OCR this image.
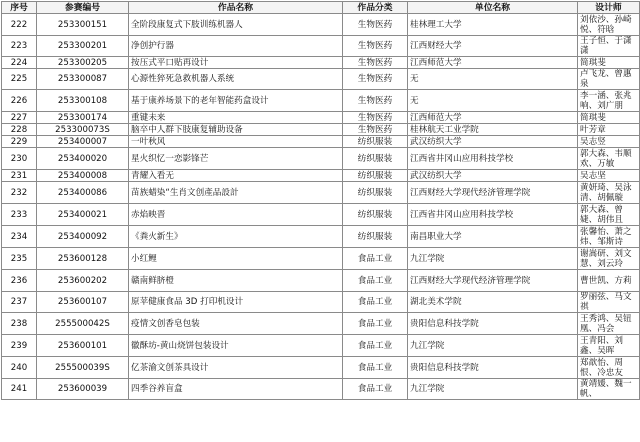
序号	参赛编号	作品名称	作品分类	单位名称	设计师
222	253300151	全阶段康复式下肢训练机器人	生物医药	桂林理工大学	刘依沙、孙崎悦、符晗
223	253300201	净创护行器	生物医药	江西财经大学	王子恒、于潇潇
224	253300205	按压式平口贴再设计	生物医药	江西师范大学	简琪斐
225	253300087	心源性猝死急救机器人系统	生物医药	无	卢飞龙、曾惠泉
226	253300108	基于康养场景下的老年智能药盒设计	生物医药	无	李一涵、张兆响、刘广朋
227	253300174	重键未来	生物医药	江西师范大学	简琪斐
228	253300073S	脑卒中人群下肢康复辅助设备	生物医药	桂林航天工业学院	叶芳章
229	253400007	一叶秋风	纺织服装	武汉纺织大学	吴志竖
230	253400020	星火织忆一恋影锋芒	纺织服装	江西省井冈山应用科技学校	郭大森、韦顺欢、万敏
231	253400008	青耀入看无	纺织服装	武汉纺织大学	吴志坚
232	253400086	苗族蜡染“生肖文创產品設計	纺织服装	江西财经大学现代经济管理学院	黄妍琦、吴泳清、胡佩璇
233	253400021	赤焰映晋	纺织服装	江西省井冈山应用科技学校	郭大森、曾婕、胡伟且
234	253400092	《粪火新生》	纺织服装	南昌职业大学	张馨怡、萧之炜、邹斯诗
235	253600128	小红鲤	食品工业	九江学院	谢嵩研、刘文慧、刘云玲
236	253600202	赣南鲜脐橙	食品工业	江西财经大学现代经济管理学院	曹世凯、方莉
237	253600107	原苹健康食品 3D 打印机设计	食品工业	湖北美术学院	罗丽弦、马文祺
238	255500042S	疫情文创香皂包装	食品工业	贵阳信息科技学院	王秀鸿、吴钮凰、冯会
239	253600101	徽酥坊-黄山烧饼包装设计	食品工业	九江学院	王青阳、刘鑫、吴晖
240	255500039S	亿茶渝文创茶具设计	食品工业	贵阳信息科技学院	郑歆怡、周恨、冷忠友
241	253600039	四季谷养盲盒	食品工业	九江学院	黄靖媛、魏一帆、
